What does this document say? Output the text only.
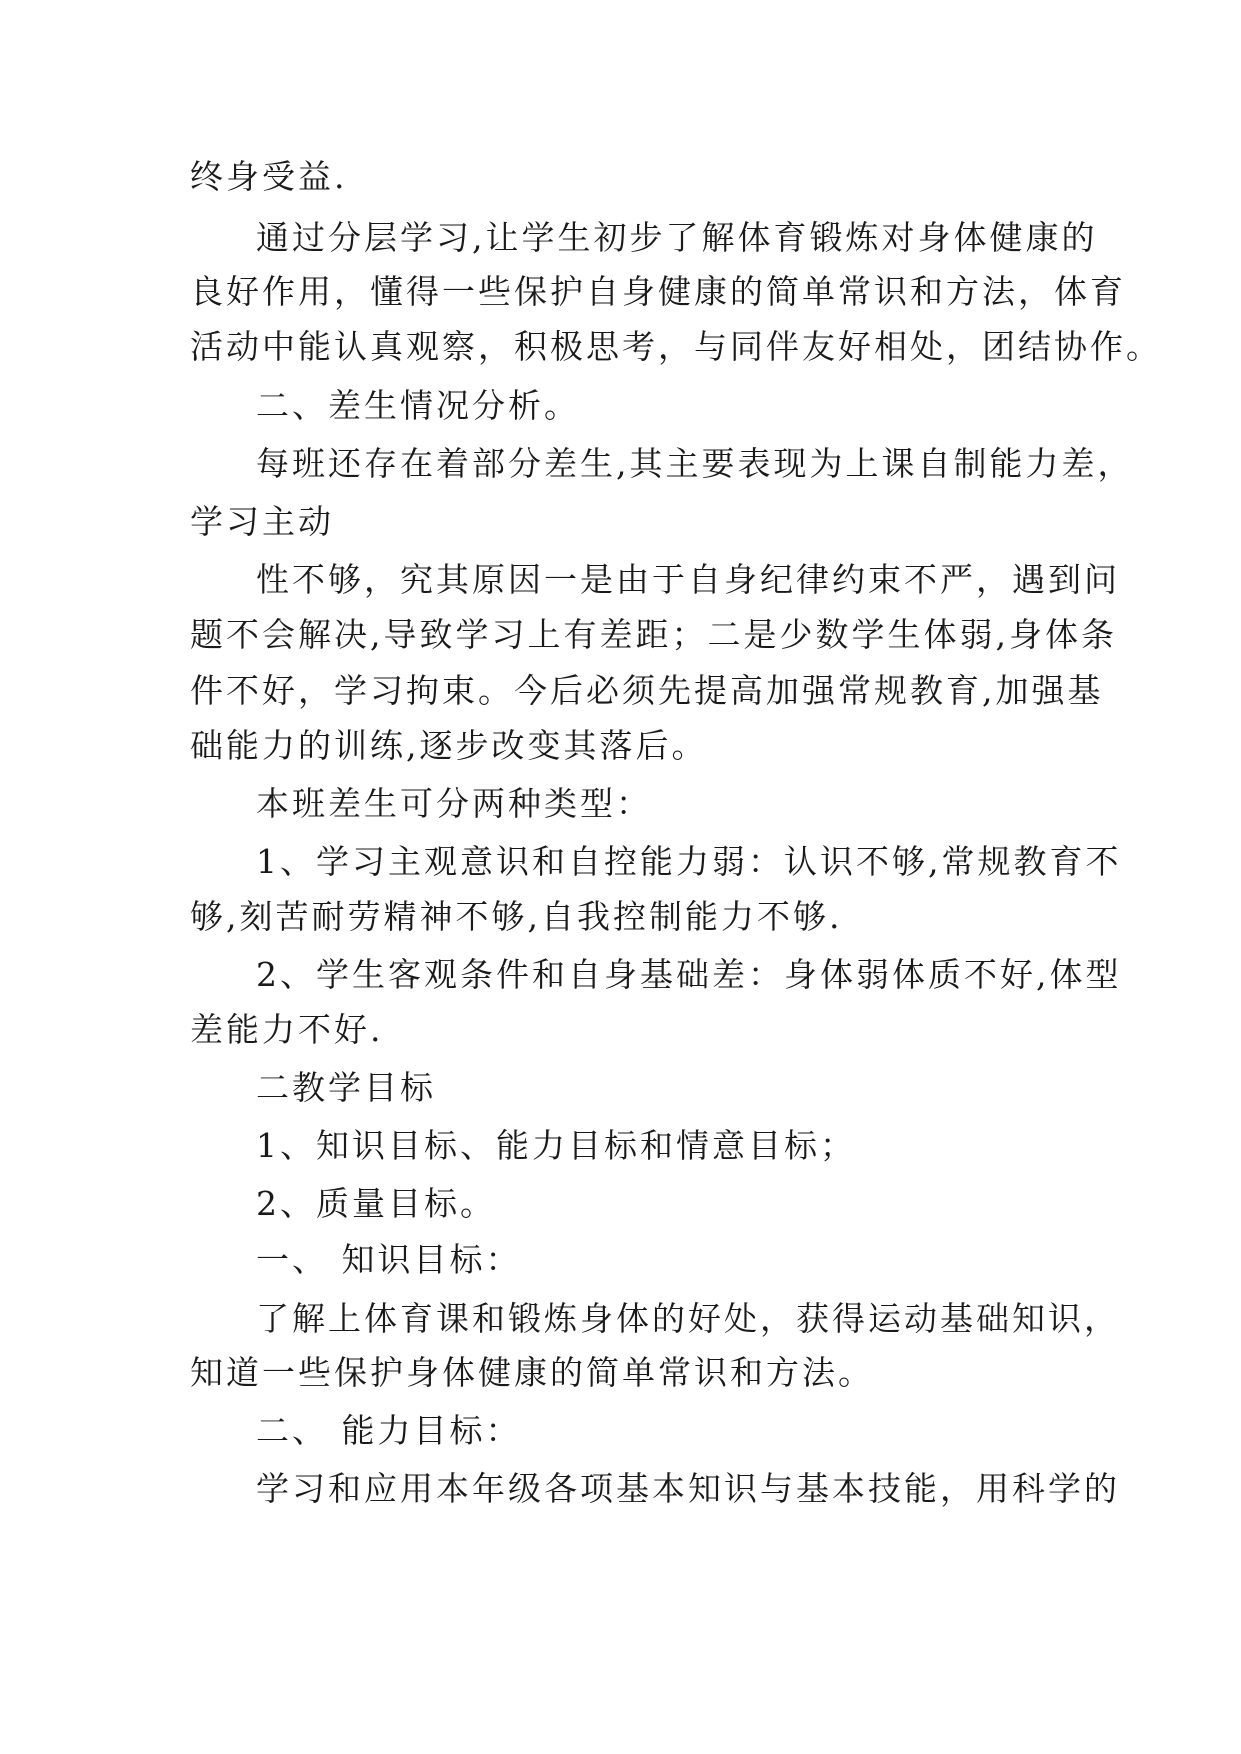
终身受益.
通过分层学习,让学生初步了解体育锻炼对身体健康的
良好作用，懂得一些保护自身健康的简单常识和方法，体育
活动中能认真观察，积极思考，与同伴友好相处，团结协作。
二、差生情况分析。
每班还存在着部分差生,其主要表现为上课自制能力差，
学习主动
性不够，究其原因一是由于自身纪律约束不严，遇到问
题不会解决,导致学习上有差距；二是少数学生体弱,身体条
件不好，学习拘束。今后必须先提高加强常规教育,加强基
础能力的训练,逐步改变其落后。
本班差生可分两种类型：
1、学习主观意识和自控能力弱：认识不够,常规教育不
够,刻苦耐劳精神不够,自我控制能力不够.
2、学生客观条件和自身基础差：身体弱体质不好,体型
差能力不好.
二教学目标
1、知识目标、能力目标和情意目标；
2、质量目标。
一、 知识目标：
了解上体育课和锻炼身体的好处，获得运动基础知识，
知道一些保护身体健康的简单常识和方法。
二、 能力目标：
学习和应用本年级各项基本知识与基本技能，用科学的
